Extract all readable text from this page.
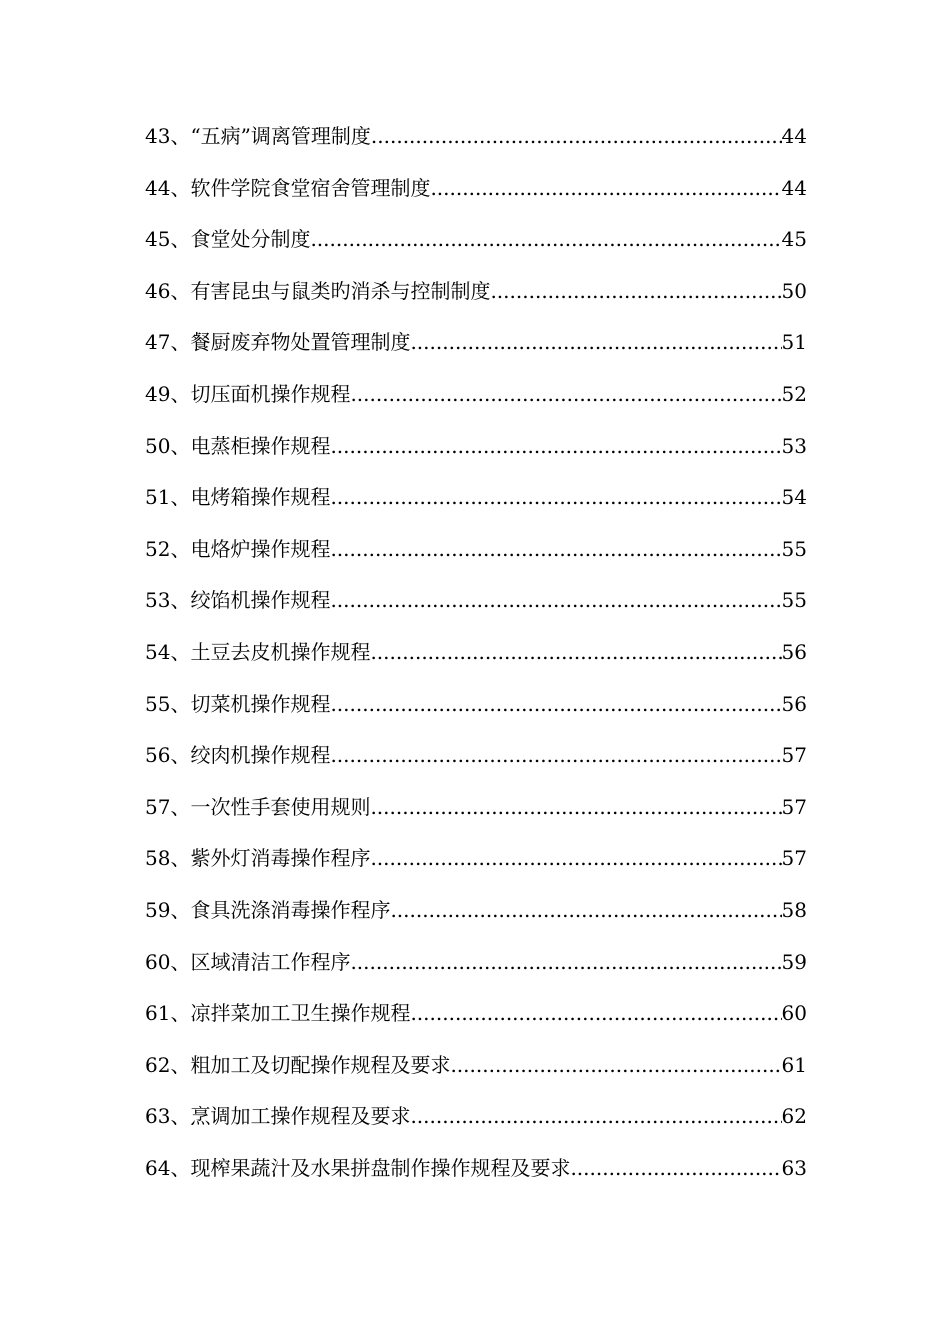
43、“五病”调离管理制度 .....	44
44、软件学院食堂宿舍管理制度 .....	44
45、食堂处分制度 .....	45
46、有害昆虫与鼠类旳消杀与控制制度 .....	50
47、餐厨废弃物处置管理制度 .....	51
49、切压面机操作规程 .....	52
50、电蒸柜操作规程 .....	53
51、电烤箱操作规程 .....	54
52、电烙炉操作规程 .....	55
53、绞馅机操作规程 .....	55
54、土豆去皮机操作规程 .....	56
55、切菜机操作规程 .....	56
56、绞肉机操作规程 .....	57
57、一次性手套使用规则 .....	57
58、紫外灯消毒操作程序 .....	57
59、食具洗涤消毒操作程序 .....	58
60、区域清洁工作程序 .....	59
61、凉拌菜加工卫生操作规程 .....	60
62、粗加工及切配操作规程及要求 .....	61
63、烹调加工操作规程及要求 .....	62
64、现榨果蔬汁及水果拼盘制作操作规程及要求 .....	63
